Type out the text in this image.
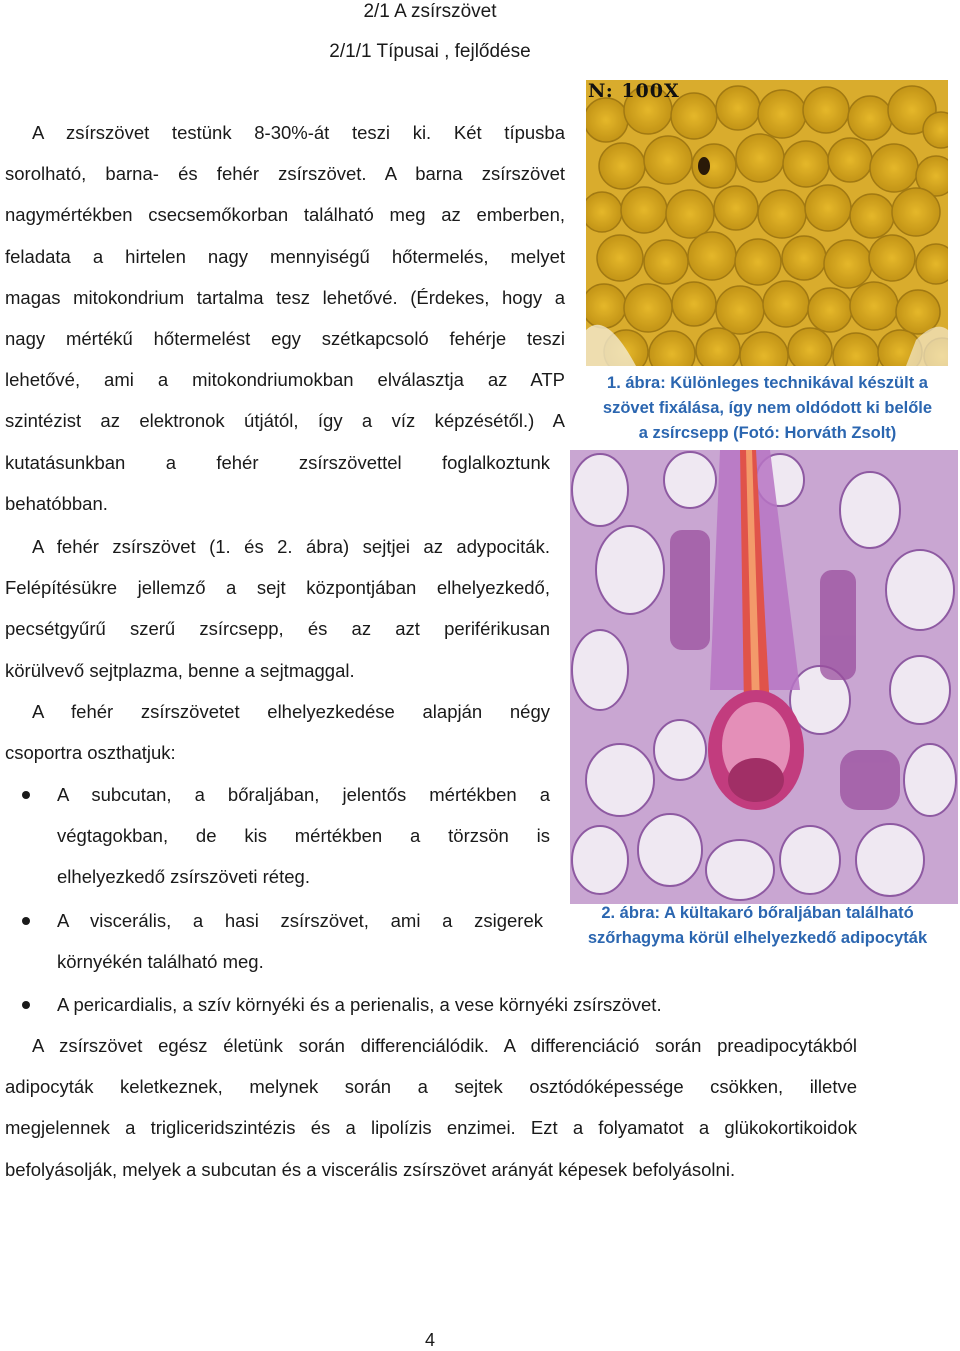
2/1 A zsírszövet
2/1/1 Típusai , fejlődése
A zsírszövet testünk 8-30%-át teszi ki. Két típusba
sorolható, barna- és fehér zsírszövet. A barna zsírszövet
nagymértékben csecsemőkorban található meg az emberben,
feladata a hirtelen nagy mennyiségű hőtermelés, melyet
magas mitokondrium tartalma tesz lehetővé. (Érdekes, hogy a
nagy mértékű hőtermelést egy szétkapcsoló fehérje teszi
lehetővé, ami a mitokondriumokban elválasztja az ATP
szintézist az elektronok útjától, így a víz képzésétől.) A
kutatásunkban a fehér zsírszövettel foglalkoztunk
behatóbban.
A fehér zsírszövet (1. és 2. ábra) sejtjei az adypociták.
Felépítésükre jellemző a sejt központjában elhelyezkedő,
pecsétgyűrű szerű zsírcsepp, és az azt periférikusan
körülvevő sejtplazma, benne a sejtmaggal.
A fehér zsírszövetet elhelyezkedése alapján négy
csoportra oszthatjuk:
A subcutan, a bőraljában, jelentős mértékben a
végtagokban, de kis mértékben a törzsön is
elhelyezkedő zsírszöveti réteg.
A viscerális, a hasi zsírszövet, ami a zsigerek
környékén található meg.
A pericardialis, a szív környéki és a perienalis, a vese környéki zsírszövet.
A zsírszövet egész életünk során differenciálódik. A differenciáció során preadipocytákból
adipocyták keletkeznek, melynek során a sejtek osztódóképessége csökken, illetve
megjelennek a trigliceridszintézis és a lipolízis enzimei. Ezt a folyamatot a glükokortikoidok
befolyásolják, melyek a subcutan és a viscerális zsírszövet arányát képesek befolyásolni.
N: 100X
1. ábra: Különleges technikával készült a
szövet fixálása, így nem oldódott ki belőle
a zsírcsepp (Fotó: Horváth Zsolt)
2. ábra: A kültakaró bőraljában található
szőrhagyma körül elhelyezkedő adipocyták
4
